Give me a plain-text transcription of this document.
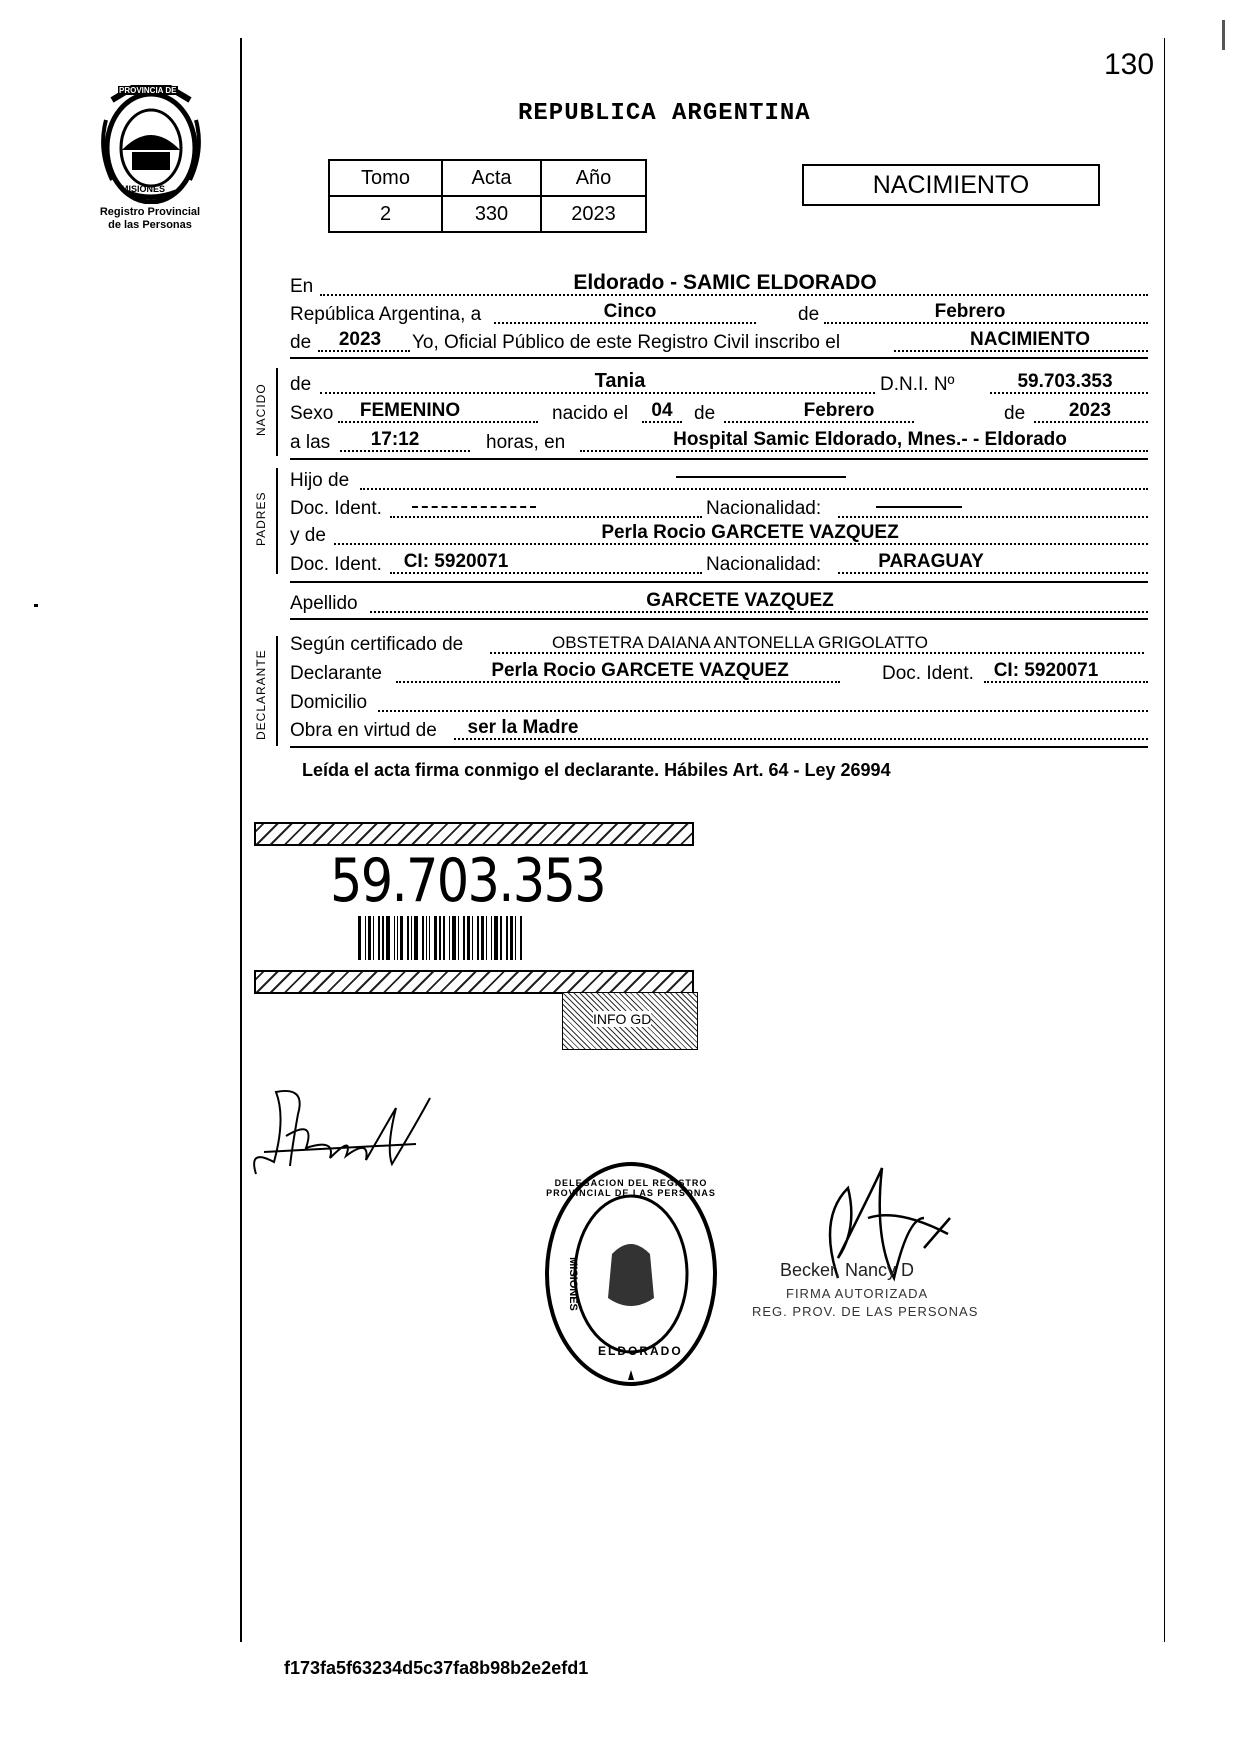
130
Registro Provincial
de las Personas
PROVINCIA DE
MISIONES
REPUBLICA ARGENTINA
Tomo	Acta	Año
2	330	2023
NACIMIENTO
En	Eldorado - SAMIC ELDORADO
República Argentina, a	Cinco	de	Febrero
de	2023	Yo, Oficial Público de este Registro Civil inscribo el	NACIMIENTO
NACIDO de	Tania	D.N.I. Nº	59.703.353
Sexo	FEMENINO	nacido el	04	de	Febrero	de	2023
a las	17:12	horas, en	Hospital Samic Eldorado, Mnes.- - Eldorado
PADRES
Hijo de
Doc. Ident.	Nacionalidad:
y de	Perla Rocio GARCETE VAZQUEZ
Doc. Ident.	CI: 5920071	Nacionalidad:	PARAGUAY
Apellido	GARCETE VAZQUEZ
DECLARANTE
Según certificado de	OBSTETRA DAIANA ANTONELLA GRIGOLATTO
Declarante	Perla Rocio GARCETE VAZQUEZ	Doc. Ident.	CI: 5920071
Domicilio
Obra en virtud de	ser la Madre
Leída el acta firma conmigo el declarante. Hábiles Art. 64 - Ley 26994
59.703.353
INFO GD
DELEGACION DEL REGISTRO PROVINCIAL DE LAS PERSONAS
MISIONES
ELDORADO
Becker, Nancy D
FIRMA AUTORIZADA
REG. PROV. DE LAS PERSONAS
f173fa5f63234d5c37fa8b98b2e2efd1
